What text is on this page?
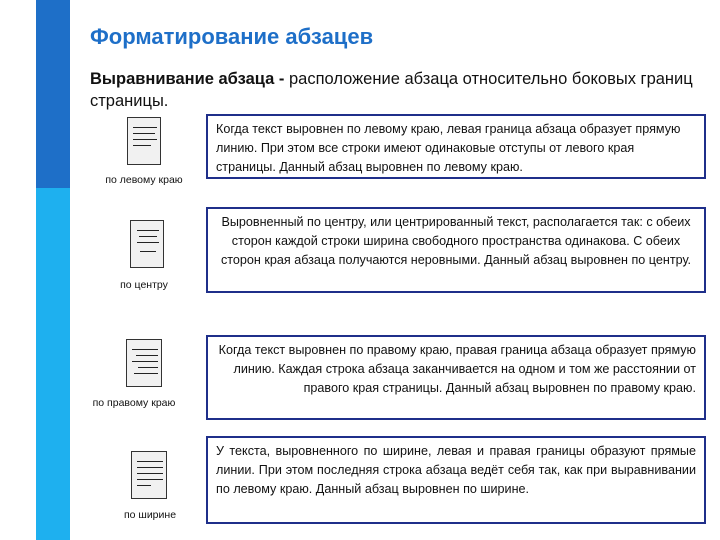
Форматирование абзацев
Выравнивание абзаца - расположение абзаца относительно боковых границ страницы.
по левому краю
Когда текст выровнен по левому краю, левая граница абзаца образует прямую линию. При этом все строки имеют одинаковые отступы от левого края страницы. Данный абзац выровнен по левому краю.
по центру
Выровненный по центру, или центрированный текст, располагается так: с обеих сторон каждой строки ширина свободного пространства одинакова. С обеих сторон края абзаца получаются неровными. Данный абзац выровнен по центру.
по правому краю
Когда текст выровнен по правому краю, правая граница абзаца образует прямую линию. Каждая строка абзаца заканчивается на одном и том же расстоянии от правого края страницы. Данный абзац выровнен по правому краю.
по ширине
У текста, выровненного по ширине, левая и правая границы образуют прямые линии. При этом последняя строка абзаца ведёт себя так, как при выравнивании по левому краю. Данный абзац выровнен по ширине.
